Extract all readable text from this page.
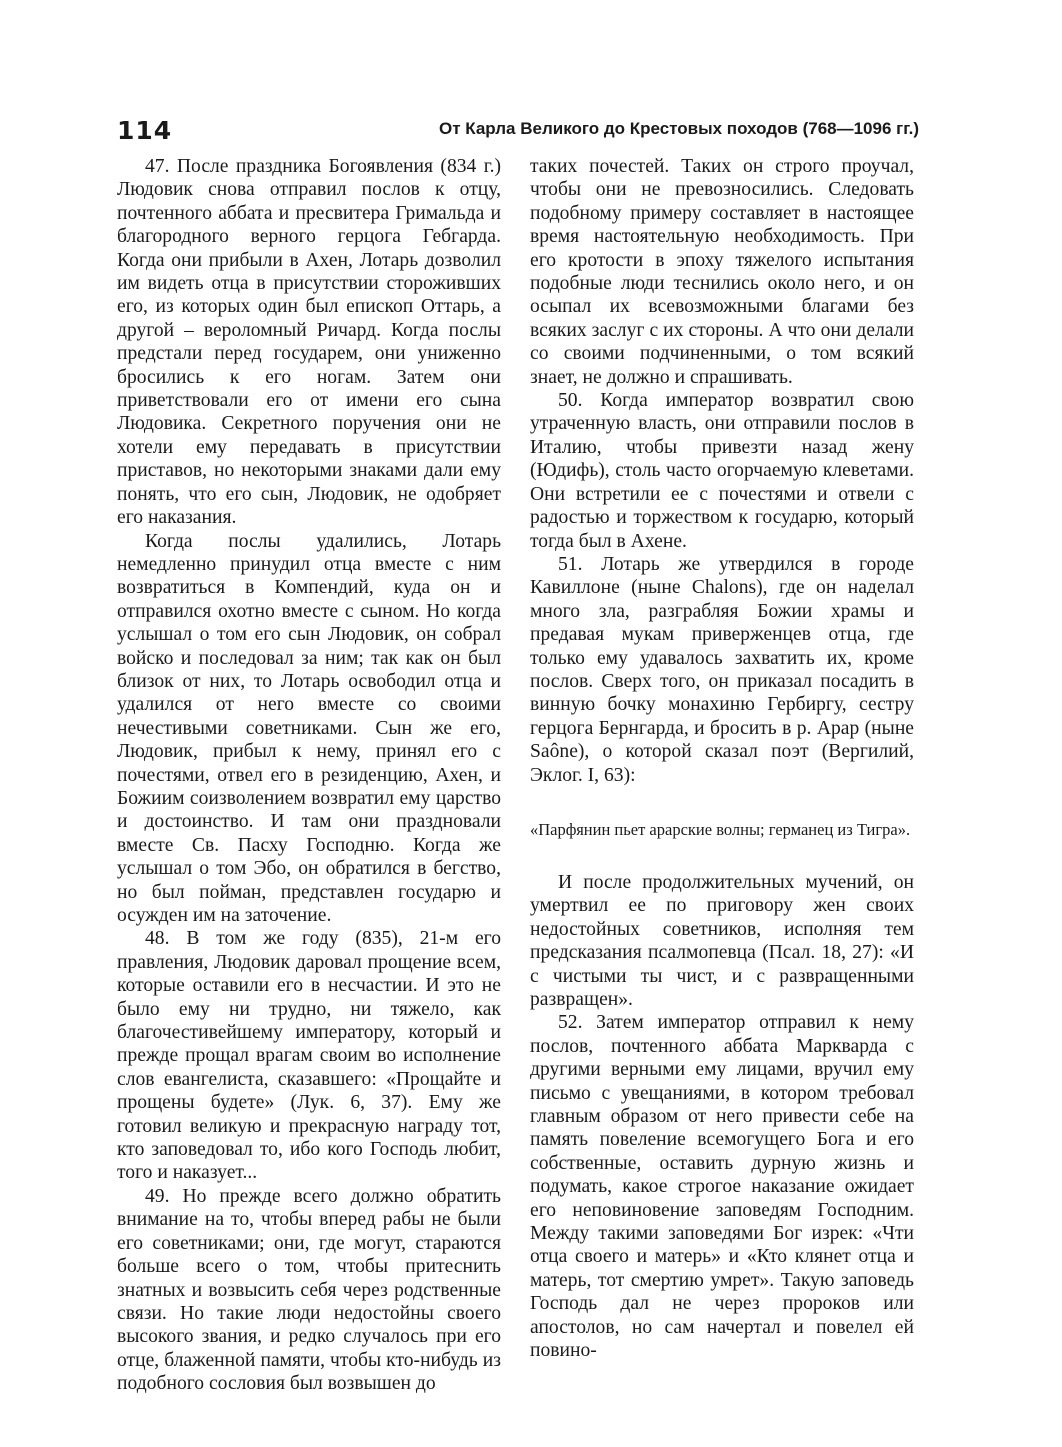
114	От Карла Великого до Крестовых походов (768—1096 гг.)

47. После праздника Богоявления (834 г.) Людовик снова отправил послов к отцу, почтенного аббата и пресвитера Гримальда и благородного верного герцога Гебгарда. Когда они прибыли в Ахен, Лотарь дозволил им видеть отца в присутствии стороживших его, из которых один был епископ Оттарь, а другой – вероломный Ричард. Когда послы предстали перед государем, они униженно бросились к его ногам. Затем они приветствовали его от имени его сына Людовика. Секретного поручения они не хотели ему передавать в присутствии приставов, но некоторыми знаками дали ему понять, что его сын, Людовик, не одобряет его наказания.

Когда послы удалились, Лотарь немедленно принудил отца вместе с ним возвратиться в Компендий, куда он и отправился охотно вместе с сыном. Но когда услышал о том его сын Людовик, он собрал войско и последовал за ним; так как он был близок от них, то Лотарь освободил отца и удалился от него вместе со своими нечестивыми советниками. Сын же его, Людовик, прибыл к нему, принял его с почестями, отвел его в резиденцию, Ахен, и Божиим соизволением возвратил ему царство и достоинство. И там они праздновали вместе Св. Пасху Господню. Когда же услышал о том Эбо, он обратился в бегство, но был пойман, представлен государю и осужден им на заточение.

48. В том же году (835), 21-м его правления, Людовик даровал прощение всем, которые оставили его в несчастии. И это не было ему ни трудно, ни тяжело, как благочестивейшему императору, который и прежде прощал врагам своим во исполнение слов евангелиста, сказавшего: «Прощайте и прощены будете» (Лук. 6, 37). Ему же готовил великую и прекрасную награду тот, кто заповедовал то, ибо кого Господь любит, того и наказует...

49. Но прежде всего должно обратить внимание на то, чтобы вперед рабы не были его советниками; они, где могут, стараются больше всего о том, чтобы притеснить знатных и возвысить себя через родственные связи. Но такие люди недостойны своего высокого звания, и редко случалось при его отце, блаженной памяти, чтобы кто-нибудь из подобного сословия был возвышен до

таких почестей. Таких он строго проучал, чтобы они не превозносились. Следовать подобному примеру составляет в настоящее время настоятельную необходимость. При его кротости в эпоху тяжелого испытания подобные люди теснились около него, и он осыпал их всевозможными благами без всяких заслуг с их стороны. А что они делали со своими подчиненными, о том всякий знает, не должно и спрашивать.

50. Когда император возвратил свою утраченную власть, они отправили послов в Италию, чтобы привезти назад жену (Юдифь), столь часто огорчаемую клеветами. Они встретили ее с почестями и отвели с радостью и торжеством к государю, который тогда был в Ахене.

51. Лотарь же утвердился в городе Кавиллоне (ныне Chalons), где он наделал много зла, разграбляя Божии храмы и предавая мукам приверженцев отца, где только ему удавалось захватить их, кроме послов. Сверх того, он приказал посадить в винную бочку монахиню Гербиргу, сестру герцога Бернгарда, и бросить в р. Арар (ныне Saône), о которой сказал поэт (Вергилий, Эклог. I, 63):

«Парфянин пьет арарские волны; германец из Тигра».

И после продолжительных мучений, он умертвил ее по приговору жен своих недостойных советников, исполняя тем предсказания псалмопевца (Псал. 18, 27): «И с чистыми ты чист, и с развращенными развращен».

52. Затем император отправил к нему послов, почтенного аббата Маркварда с другими верными ему лицами, вручил ему письмо с увещаниями, в котором требовал главным образом от него привести себе на память повеление всемогущего Бога и его собственные, оставить дурную жизнь и подумать, какое строгое наказание ожидает его неповиновение заповедям Господним. Между такими заповедями Бог изрек: «Чти отца своего и матерь» и «Кто клянет отца и матерь, тот смертию умрет». Такую заповедь Господь дал не через пророков или апостолов, но сам начертал и повелел ей повино-
